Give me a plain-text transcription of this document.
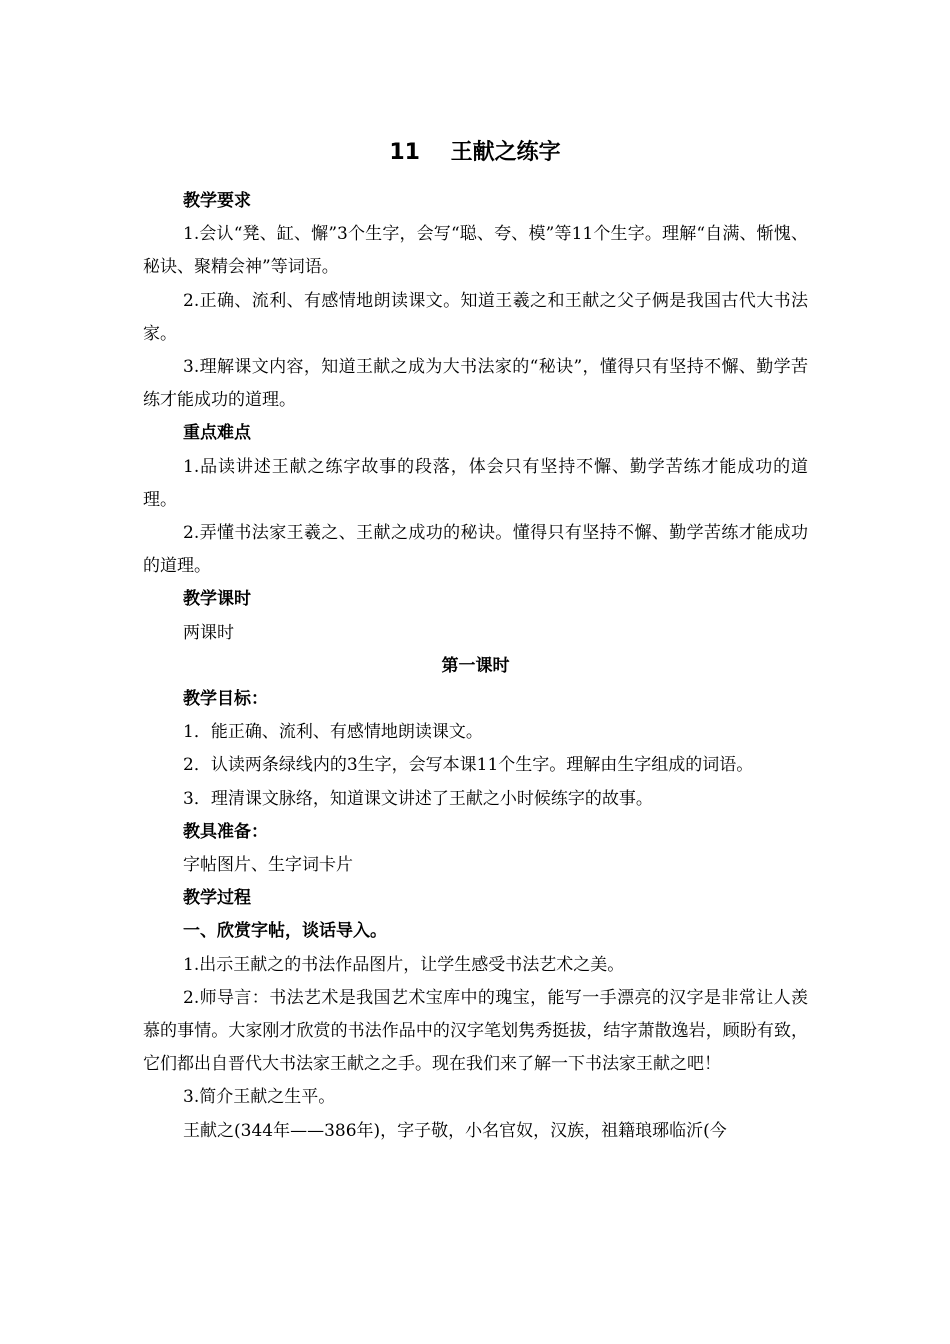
11    王献之练字

教学要求

1.会认“凳、缸、懈”3个生字，会写“聪、夸、模”等11个生字。理解“自满、惭愧、秘诀、聚精会神”等词语。

2.正确、流利、有感情地朗读课文。知道王羲之和王献之父子俩是我国古代大书法家。

3.理解课文内容，知道王献之成为大书法家的“秘诀”，懂得只有坚持不懈、勤学苦练才能成功的道理。

重点难点

1.品读讲述王献之练字故事的段落，体会只有坚持不懈、勤学苦练才能成功的道理。

2.弄懂书法家王羲之、王献之成功的秘诀。懂得只有坚持不懈、勤学苦练才能成功的道理。

教学课时

两课时

第一课时

教学目标：

1．能正确、流利、有感情地朗读课文。

2．认读两条绿线内的3生字，会写本课11个生字。理解由生字组成的词语。

3．理清课文脉络，知道课文讲述了王献之小时候练字的故事。

教具准备：

字帖图片、生字词卡片

教学过程

一、欣赏字帖，谈话导入。

1.出示王献之的书法作品图片，让学生感受书法艺术之美。

2.师导言：书法艺术是我国艺术宝库中的瑰宝，能写一手漂亮的汉字是非常让人羡慕的事情。大家刚才欣赏的书法作品中的汉字笔划隽秀挺拔，结字萧散逸岩，顾盼有致，它们都出自晋代大书法家王献之之手。现在我们来了解一下书法家王献之吧！

3.简介王献之生平。

王献之(344年——386年)，字子敬，小名官奴，汉族，祖籍琅琊临沂(今
